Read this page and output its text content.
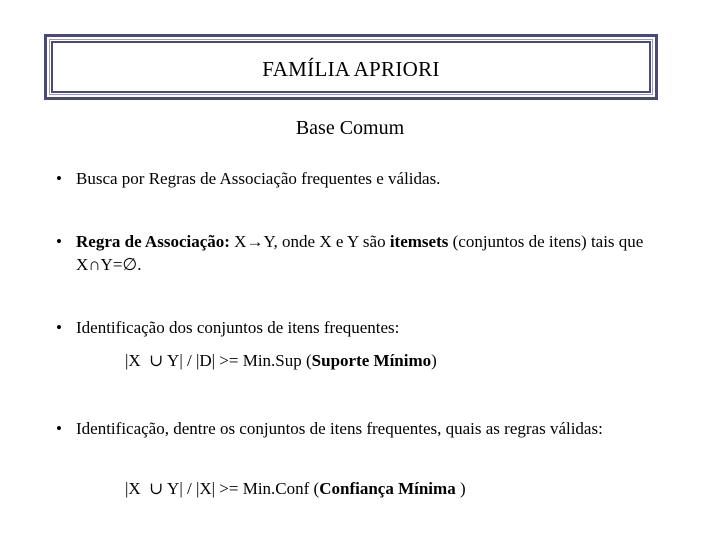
FAMÍLIA APRIORI
Base Comum
• Busca por Regras de Associação frequentes e válidas.
• Regra de Associação: X→Y, onde X e Y são itemsets (conjuntos de itens) tais que X∩Y=∅.
• Identificação dos conjuntos de itens frequentes:
|X  ∪ Y| / |D| >= Min.Sup (Suporte Mínimo)
• Identificação, dentre os conjuntos de itens frequentes, quais as regras válidas:
|X  ∪ Y| / |X| >= Min.Conf (Confiança Mínima )
